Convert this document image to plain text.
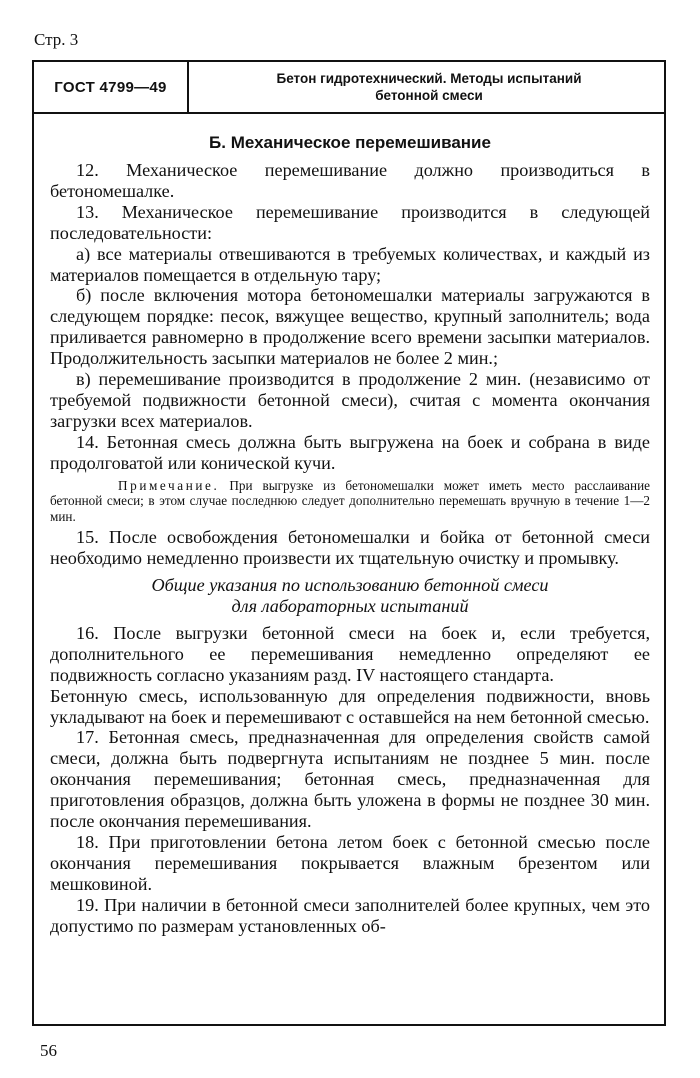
Стр. 3
ГОСТ 4799—49	Бетон гидротехнический. Методы испытаний
бетонной смеси
Б. Механическое перемешивание

12. Механическое перемешивание должно производиться в бетономешалке.

13. Механическое перемешивание производится в следующей последовательности:

а) все материалы отвешиваются в требуемых количествах, и каждый из материалов помещается в отдельную тару;

б) после включения мотора бетономешалки материалы загружаются в следующем порядке: песок, вяжущее вещество, крупный заполнитель; вода приливается равномерно в продолжение всего времени засыпки материалов. Продолжительность засыпки материалов не более 2 мин.;

в) перемешивание производится в продолжение 2 мин. (независимо от требуемой подвижности бетонной смеси), считая с момента окончания загрузки всех материалов.

14. Бетонная смесь должна быть выгружена на боек и собрана в виде продолговатой или конической кучи.

Примечание. При выгрузке из бетономешалки может иметь место расслаивание бетонной смеси; в этом случае последнюю следует дополнительно перемешать вручную в течение 1—2 мин.

15. После освобождения бетономешалки и бойка от бетонной смеси необходимо немедленно произвести их тщательную очистку и промывку.

Общие указания по использованию бетонной смеси
для лабораторных испытаний

16. После выгрузки бетонной смеси на боек и, если требуется, дополнительного ее перемешивания немедленно определяют ее подвижность согласно указаниям разд. IV настоящего стандарта.

Бетонную смесь, использованную для определения подвижности, вновь укладывают на боек и перемешивают с оставшейся на нем бетонной смесью.

17. Бетонная смесь, предназначенная для определения свойств самой смеси, должна быть подвергнута испытаниям не позднее 5 мин. после окончания перемешивания; бетонная смесь, предназначенная для приготовления образцов, должна быть уложена в формы не позднее 30 мин. после окончания перемешивания.

18. При приготовлении бетона летом боек с бетонной смесью после окончания перемешивания покрывается влажным брезентом или мешковиной.

19. При наличии в бетонной смеси заполнителей более крупных, чем это допустимо по размерам установленных об-

56
